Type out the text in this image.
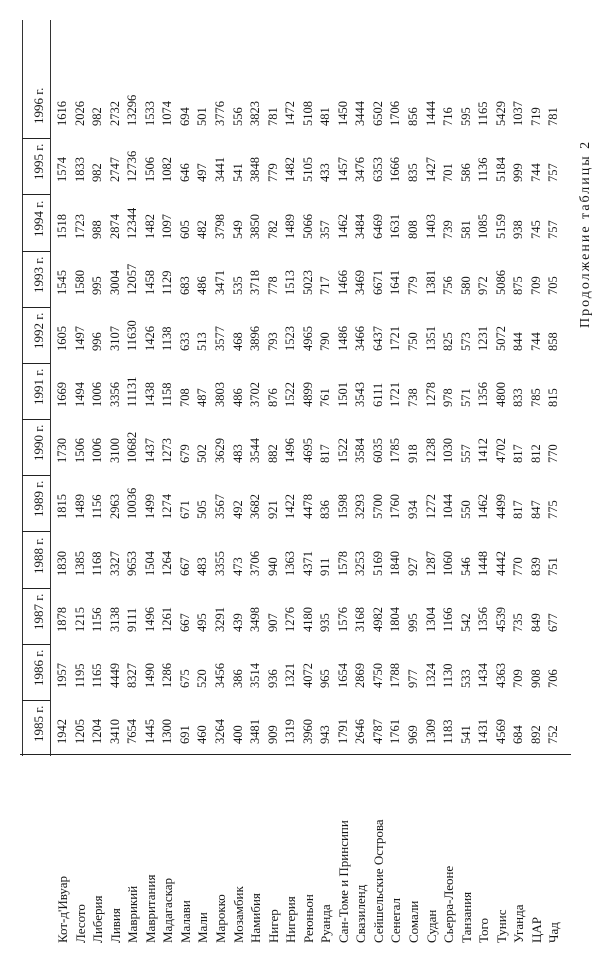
Продолжение таблицы 2
1985 г.
1986 г.
1987 г.
1988 г.
1989 г.
1990 г.
1991 г.
1992 г.
1993 г.
1994 г.
1995 г.
1996 г.
Кот-д'Ивуар
1942
1957
1878
1830
1815
1730
1669
1605
1545
1518
1574
1616
Лесото
1205
1195
1215
1385
1489
1506
1494
1497
1580
1723
1833
2026
Либерия
1204
1165
1156
1168
1156
1006
1006
996
995
988
982
982
Ливия
3410
4449
3138
3327
2963
3100
3356
3107
3004
2874
2747
2732
Маврикий
7654
8327
9111
9653
10036
10682
11131
11630
12057
12344
12736
13296
Мавритания
1445
1490
1496
1504
1499
1437
1438
1426
1458
1482
1506
1533
Мадагаскар
1300
1286
1261
1264
1274
1273
1158
1138
1129
1097
1082
1074
Малави
691
675
667
667
671
679
708
633
683
605
646
694
Мали
460
520
495
483
505
502
487
513
486
482
497
501
Марокко
3264
3456
3291
3355
3567
3629
3803
3577
3471
3798
3441
3776
Мозамбик
400
386
439
473
492
483
486
468
535
549
541
556
Намибия
3481
3514
3498
3706
3682
3544
3702
3896
3718
3850
3848
3823
Нигер
909
936
907
940
921
882
876
793
778
782
779
781
Нигерия
1319
1321
1276
1363
1422
1496
1522
1523
1513
1489
1482
1472
Реюньон
3960
4072
4180
4371
4478
4695
4899
4965
5023
5066
5105
5108
Руанда
943
965
935
911
836
817
761
790
717
357
433
481
Сан-Томе и Принсипи
1791
1654
1576
1578
1598
1522
1501
1486
1466
1462
1457
1450
Свазиленд
2646
2869
3168
3253
3293
3584
3543
3466
3469
3484
3476
3444
Сейшельские Острова
4787
4750
4982
5169
5700
6035
6111
6437
6671
6469
6353
6502
Сенегал
1761
1788
1804
1840
1760
1785
1721
1721
1641
1631
1666
1706
Сомали
969
977
995
927
934
918
738
750
779
808
835
856
Судан
1309
1324
1304
1287
1272
1238
1278
1351
1381
1403
1427
1444
Сьерра-Леоне
1183
1130
1166
1060
1044
1030
978
825
756
739
701
716
Танзания
541
533
542
546
550
557
571
573
580
581
586
595
Того
1431
1434
1356
1448
1462
1412
1356
1231
972
1085
1136
1165
Тунис
4569
4363
4539
4442
4499
4702
4800
5072
5086
5159
5184
5429
Уганда
684
709
735
770
817
817
833
844
875
938
999
1037
ЦАР
892
908
849
839
847
812
785
744
709
745
744
719
Чад
752
706
677
751
775
770
815
858
705
757
757
781
